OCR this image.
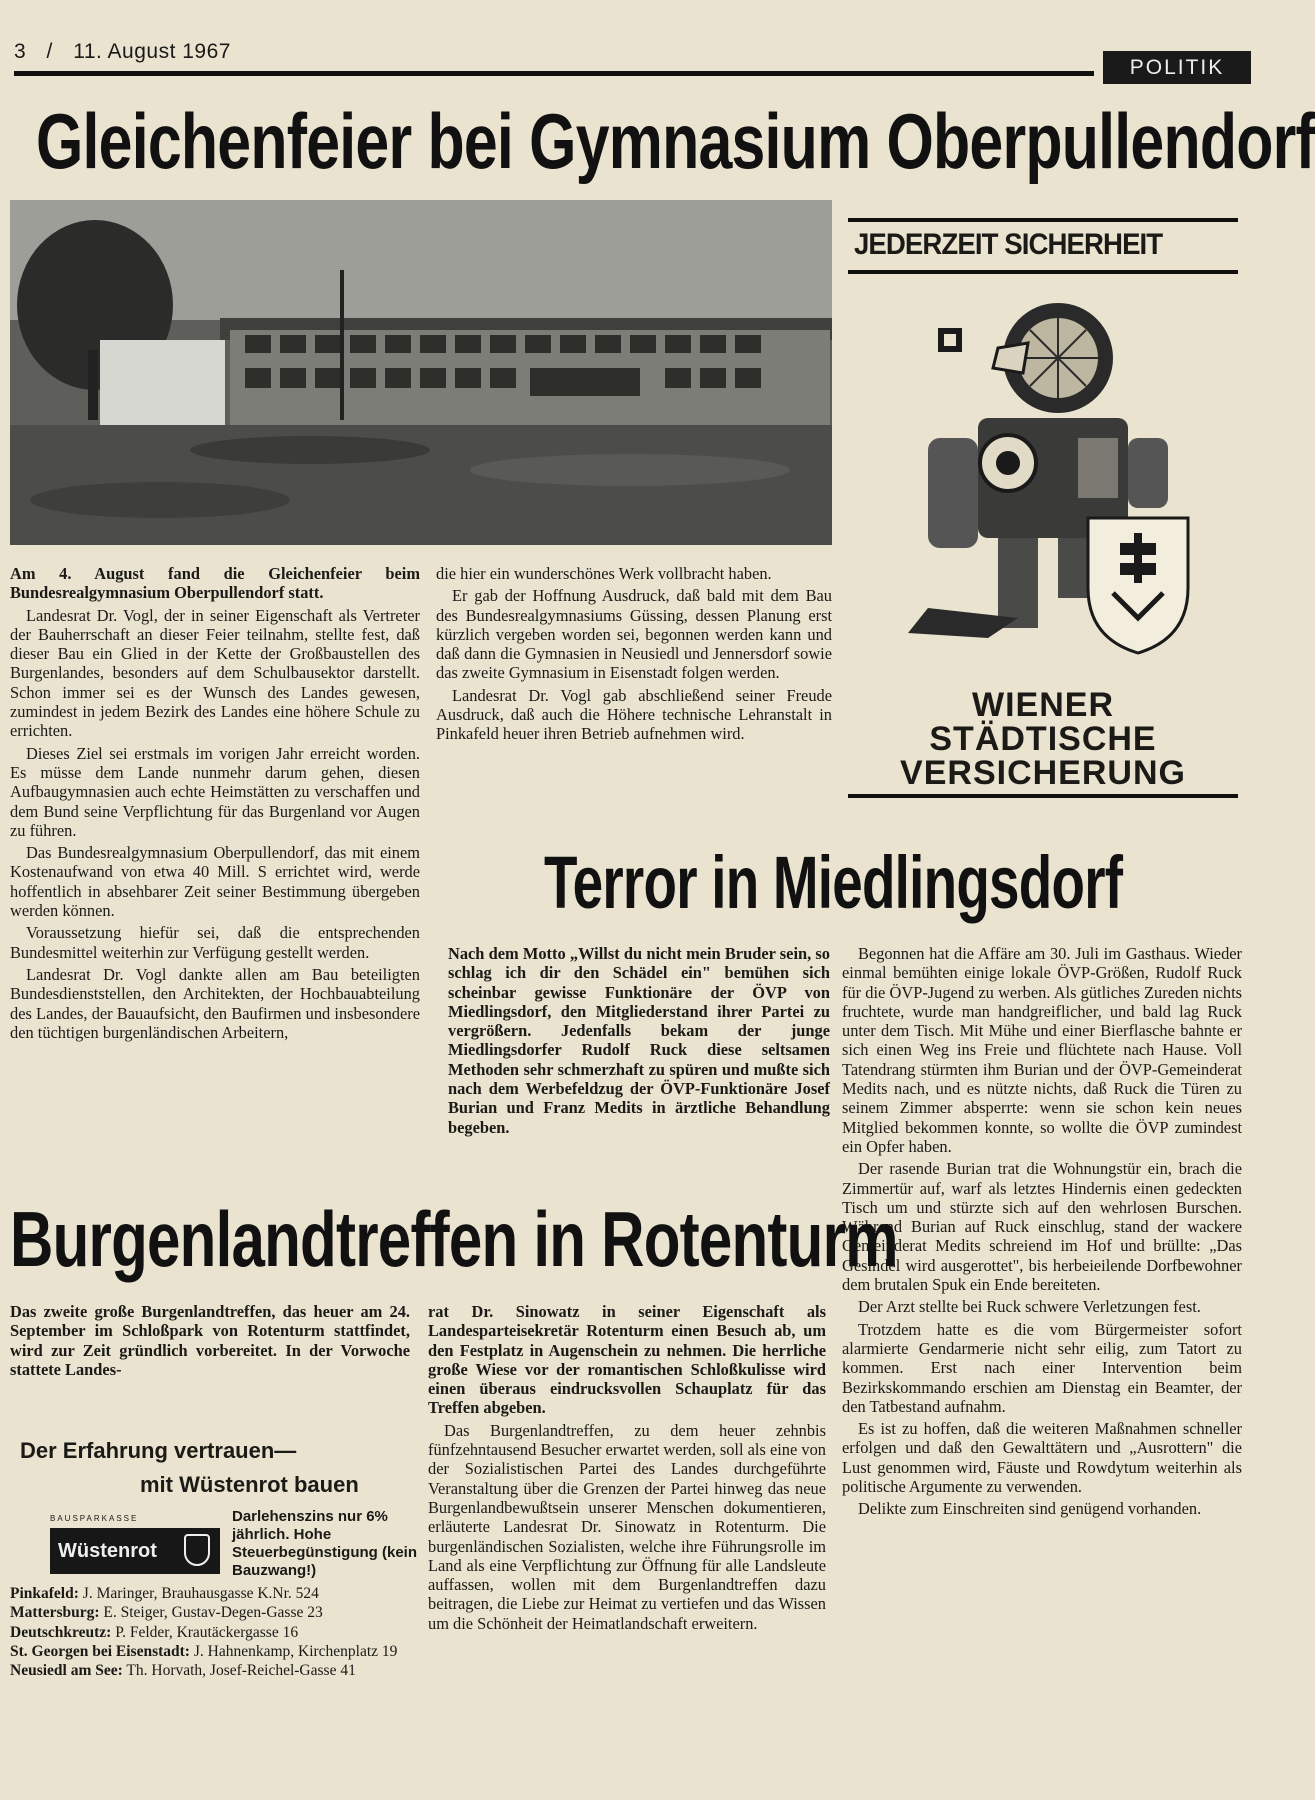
3 / 11. August 1967
POLITIK
Gleichenfeier bei Gymnasium Oberpullendorf

Am 4. August fand die Gleichenfeier beim Bundesrealgymnasium Oberpullendorf statt.

Landesrat Dr. Vogl, der in seiner Eigenschaft als Vertreter der Bauherrschaft an dieser Feier teilnahm, stellte fest, daß dieser Bau ein Glied in der Kette der Großbaustellen des Burgenlandes, besonders auf dem Schulbausektor darstellt. Schon immer sei es der Wunsch des Landes gewesen, zumindest in jedem Bezirk des Landes eine höhere Schule zu errichten.

Dieses Ziel sei erstmals im vorigen Jahr erreicht worden. Es müsse dem Lande nunmehr darum gehen, diesen Aufbaugymnasien auch echte Heimstätten zu verschaffen und dem Bund seine Verpflichtung für das Burgenland vor Augen zu führen.

Das Bundesrealgymnasium Oberpullendorf, das mit einem Kostenaufwand von etwa 40 Mill. S errichtet wird, werde hoffentlich in absehbarer Zeit seiner Bestimmung übergeben werden können.

Voraussetzung hiefür sei, daß die entsprechenden Bundesmittel weiterhin zur Verfügung gestellt werden.

Landesrat Dr. Vogl dankte allen am Bau beteiligten Bundesdienststellen, den Architekten, der Hochbauabteilung des Landes, der Bauaufsicht, den Baufirmen und insbesondere den tüchtigen burgenländischen Arbeitern,

die hier ein wunderschönes Werk vollbracht haben.

Er gab der Hoffnung Ausdruck, daß bald mit dem Bau des Bundesrealgymnasiums Güssing, dessen Planung erst kürzlich vergeben worden sei, begonnen werden kann und daß dann die Gymnasien in Neusiedl und Jennersdorf sowie das zweite Gymnasium in Eisenstadt folgen werden.

Landesrat Dr. Vogl gab abschließend seiner Freude Ausdruck, daß auch die Höhere technische Lehranstalt in Pinkafeld heuer ihren Betrieb aufnehmen wird.

JEDERZEIT SICHERHEIT
WIENER
STÄDTISCHE
VERSICHERUNG
Terror in Miedlingsdorf

Nach dem Motto „Willst du nicht mein Bruder sein, so schlag ich dir den Schädel ein" bemühen sich scheinbar gewisse Funktionäre der ÖVP von Miedlingsdorf, den Mitgliederstand ihrer Partei zu vergrößern. Jedenfalls bekam der junge Miedlingsdorfer Rudolf Ruck diese seltsamen Methoden sehr schmerzhaft zu spüren und mußte sich nach dem Werbefeldzug der ÖVP-Funktionäre Josef Burian und Franz Medits in ärztliche Behandlung begeben.

Begonnen hat die Affäre am 30. Juli im Gasthaus. Wieder einmal bemühten einige lokale ÖVP-Größen, Rudolf Ruck für die ÖVP-Jugend zu werben. Als gütliches Zureden nichts fruchtete, wurde man handgreiflicher, und bald lag Ruck unter dem Tisch. Mit Mühe und einer Bierflasche bahnte er sich einen Weg ins Freie und flüchtete nach Hause. Voll Tatendrang stürmten ihm Burian und der ÖVP-Gemeinderat Medits nach, und es nützte nichts, daß Ruck die Türen zu seinem Zimmer absperrte: wenn sie schon kein neues Mitglied bekommen konnte, so wollte die ÖVP zumindest ein Opfer haben.

Der rasende Burian trat die Wohnungstür ein, brach die Zimmertür auf, warf als letztes Hindernis einen gedeckten Tisch um und stürzte sich auf den wehrlosen Burschen. Während Burian auf Ruck einschlug, stand der wackere Gemeinderat Medits schreiend im Hof und brüllte: „Das Gesindel wird ausgerottet", bis herbeieilende Dorfbewohner dem brutalen Spuk ein Ende bereiteten.

Der Arzt stellte bei Ruck schwere Verletzungen fest.

Trotzdem hatte es die vom Bürgermeister sofort alarmierte Gendarmerie nicht sehr eilig, zum Tatort zu kommen. Erst nach einer Intervention beim Bezirkskommando erschien am Dienstag ein Beamter, der den Tatbestand aufnahm.

Es ist zu hoffen, daß die weiteren Maßnahmen schneller erfolgen und daß den Gewalttätern und „Ausrottern" die Lust genommen wird, Fäuste und Rowdytum weiterhin als politische Argumente zu verwenden.

Delikte zum Einschreiten sind genügend vorhanden.

Burgenlandtreffen in Rotenturm

Das zweite große Burgenlandtreffen, das heuer am 24. September im Schloßpark von Rotenturm stattfindet, wird zur Zeit gründlich vorbereitet. In der Vorwoche stattete Landes-

rat Dr. Sinowatz in seiner Eigenschaft als Landesparteisekretär Rotenturm einen Besuch ab, um den Festplatz in Augenschein zu nehmen. Die herrliche große Wiese vor der romantischen Schloßkulisse wird einen überaus eindrucksvollen Schauplatz für das Treffen abgeben.

Das Burgenlandtreffen, zu dem heuer zehnbis fünfzehntausend Besucher erwartet werden, soll als eine von der Sozialistischen Partei des Landes durchgeführte Veranstaltung über die Grenzen der Partei hinweg das neue Burgenlandbewußtsein unserer Menschen dokumentieren, erläuterte Landesrat Dr. Sinowatz in Rotenturm. Die burgenländischen Sozialisten, welche ihre Führungsrolle im Land als eine Verpflichtung zur Öffnung für alle Landsleute auffassen, wollen mit dem Burgenlandtreffen dazu beitragen, die Liebe zur Heimat zu vertiefen und das Wissen um die Schönheit der Heimatlandschaft erweitern.

Der Erfahrung vertrauen—
mit Wüstenrot bauen
BAUSPARKASSE
Wüstenrot
Darlehenszins nur 6% jährlich. Hohe Steuerbegünstigung (kein Bauzwang!)
Pinkafeld: J. Maringer, Brauhausgasse K.Nr. 524
Mattersburg: E. Steiger, Gustav-Degen-Gasse 23
Deutschkreutz: P. Felder, Krautäckergasse 16
St. Georgen bei Eisenstadt: J. Hahnenkamp, Kirchenplatz 19
Neusiedl am See: Th. Horvath, Josef-Reichel-Gasse 41
